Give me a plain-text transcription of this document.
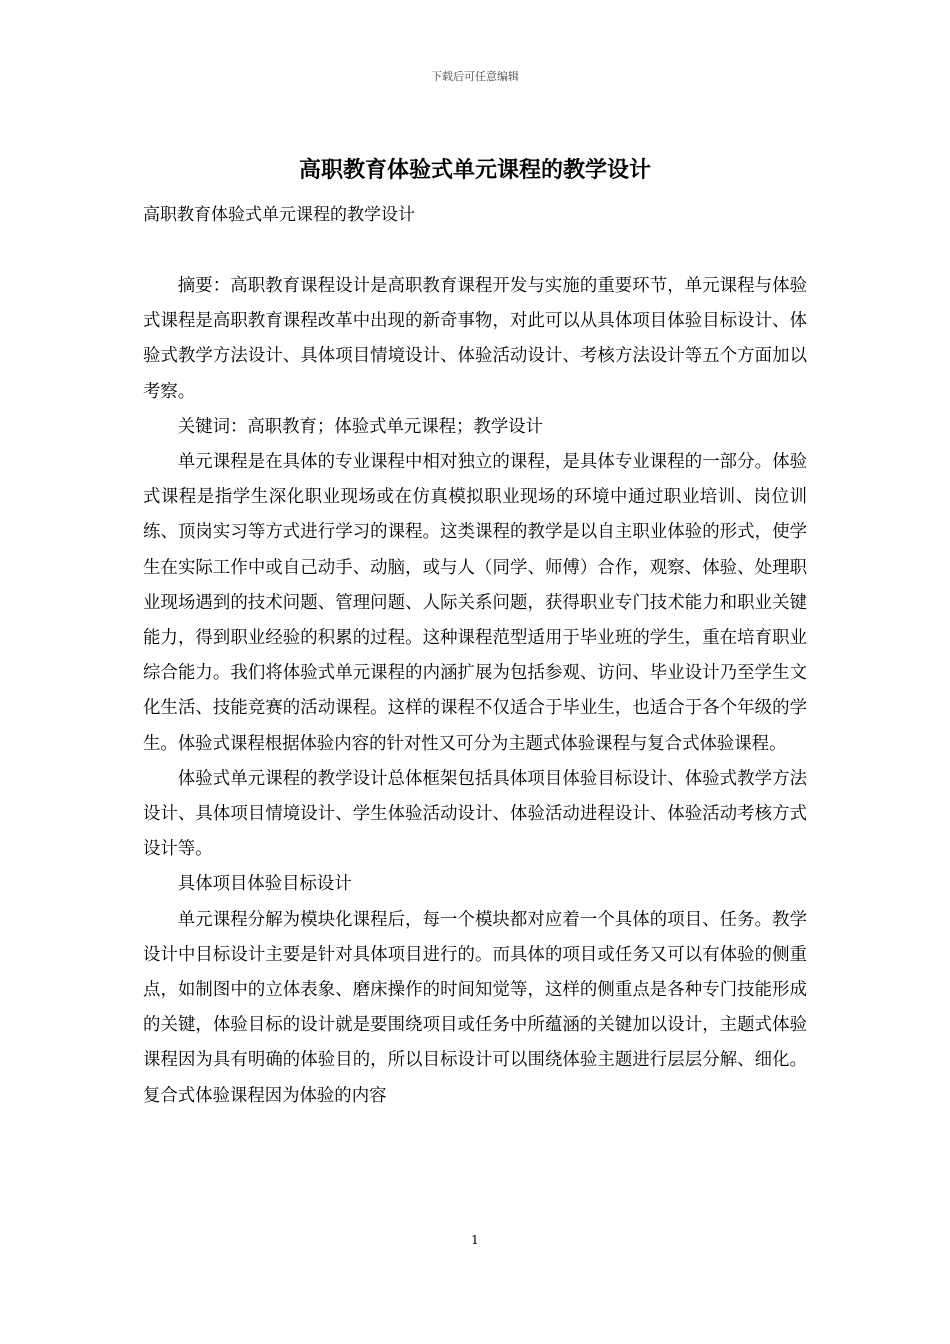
下载后可任意编辑
高职教育体验式单元课程的教学设计
高职教育体验式单元课程的教学设计

摘要：高职教育课程设计是高职教育课程开发与实施的重要环节，单元课程与体验式课程是高职教育课程改革中出现的新奇事物，对此可以从具体项目体验目标设计、体验式教学方法设计、具体项目情境设计、体验活动设计、考核方法设计等五个方面加以考察。

关键词：高职教育；体验式单元课程；教学设计

单元课程是在具体的专业课程中相对独立的课程，是具体专业课程的一部分。体验式课程是指学生深化职业现场或在仿真模拟职业现场的环境中通过职业培训、岗位训练、顶岗实习等方式进行学习的课程。这类课程的教学是以自主职业体验的形式，使学生在实际工作中或自己动手、动脑，或与人（同学、师傅）合作，观察、体验、处理职业现场遇到的技术问题、管理问题、人际关系问题，获得职业专门技术能力和职业关键能力，得到职业经验的积累的过程。这种课程范型适用于毕业班的学生，重在培育职业综合能力。我们将体验式单元课程的内涵扩展为包括参观、访问、毕业设计乃至学生文化生活、技能竞赛的活动课程。这样的课程不仅适合于毕业生，也适合于各个年级的学生。体验式课程根据体验内容的针对性又可分为主题式体验课程与复合式体验课程。

体验式单元课程的教学设计总体框架包括具体项目体验目标设计、体验式教学方法设计、具体项目情境设计、学生体验活动设计、体验活动进程设计、体验活动考核方式设计等。

具体项目体验目标设计

单元课程分解为模块化课程后，每一个模块都对应着一个具体的项目、任务。教学设计中目标设计主要是针对具体项目进行的。而具体的项目或任务又可以有体验的侧重点，如制图中的立体表象、磨床操作的时间知觉等，这样的侧重点是各种专门技能形成的关键，体验目标的设计就是要围绕项目或任务中所蕴涵的关键加以设计，主题式体验课程因为具有明确的体验目的，所以目标设计可以围绕体验主题进行层层分解、细化。复合式体验课程因为体验的内容

1
